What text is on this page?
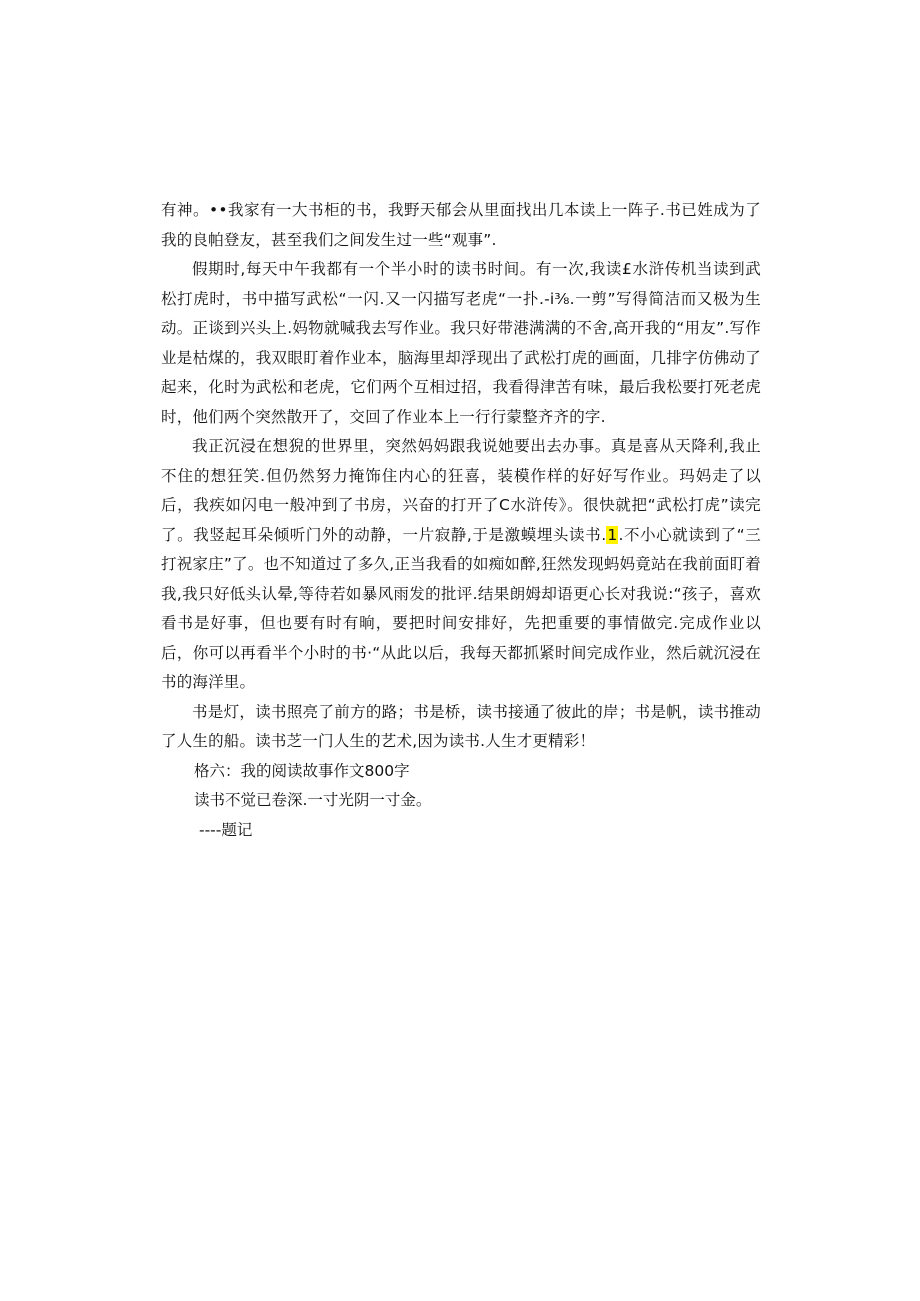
有神。••我家有一大书柜的书，我野天郁会从里面找出几本读上一阵子.书已姓成为了我的良帕登友，甚至我们之间发生过一些“观事”.

假期时,每天中午我都有一个半小时的读书时间。有一次,我读£水浒传机当读到武松打虎时，书中描写武松“一闪.又一闪描写老虎“一扑.-i⅜.一剪”写得简洁而又极为生动。正谈到兴头上.妈物就喊我去写作业。我只好带港满满的不舍,高开我的“用友”.写作业是枯煤的，我双眼盯着作业本，脑海里却浮现出了武松打虎的画面，几排字仿佛动了起来，化时为武松和老虎，它们两个互相过招，我看得津苦有味，最后我松要打死老虎时，他们两个突然散开了，交回了作业本上一行行蒙整齐齐的字.

我正沉浸在想猊的世界里，突然妈妈跟我说她要出去办事。真是喜从天降利,我止不住的想狂笑.但仍然努力掩饰住内心的狂喜，装模作样的好好写作业。玛妈走了以后，我疾如闪电一般冲到了书房，兴奋的打开了C水浒传》。很快就把“武松打虎”读完了。我竖起耳朵倾听门外的动静，一片寂静,于是激蟆埋头读书.1.不小心就读到了“三打祝家庄”了。也不知道过了多久,正当我看的如痴如醉,狂然发现蚂妈竟站在我前面盯着我,我只好低头认晕,等待若如暴风雨发的批评.结果朗姆却语更心长对我说:“孩子，喜欢看书是好事，但也要有时有晌，要把时间安排好，先把重要的事情做完.完成作业以后，你可以再看半个小时的书·“从此以后，我每天都抓紧时间完成作业，然后就沉浸在书的海洋里。

书是灯，读书照亮了前方的路；书是桥，读书接通了彼此的岸；书是帆，读书推动了人生的船。读书芝一门人生的艺术,因为读书.人生才更精彩！

格六：我的阅读故事作文800字
读书不觉已卷深.一寸光阴一寸金。
----题记
